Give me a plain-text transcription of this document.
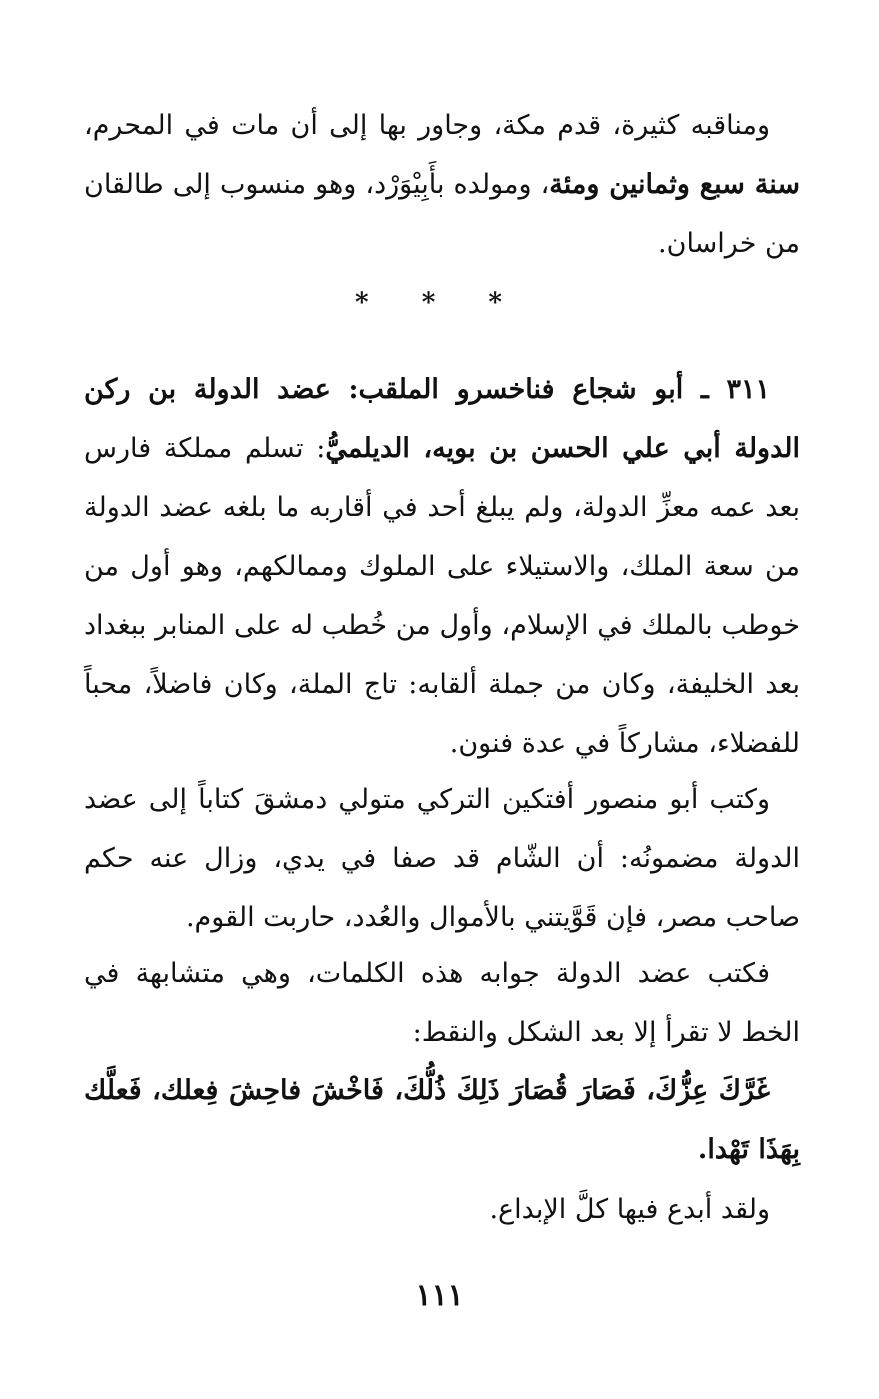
ومناقبه كثيرة، قدم مكة، وجاور بها إلى أن مات في المحرم، سنة سبع وثمانين ومئة، ومولده بأَبِيْوَرْد، وهو منسوب إلى طالقان من خراسان.

* * *

٣١١ ـ أبو شجاع فناخسرو الملقب: عضد الدولة بن ركن الدولة أبي علي الحسن بن بويه، الديلميُّ: تسلم مملكة فارس بعد عمه معزِّ الدولة، ولم يبلغ أحد في أقاربه ما بلغه عضد الدولة من سعة الملك، والاستيلاء على الملوك وممالكهم، وهو أول من خوطب بالملك في الإسلام، وأول من خُطب له على المنابر ببغداد بعد الخليفة، وكان من جملة ألقابه: تاج الملة، وكان فاضلاً، محباً للفضلاء، مشاركاً في عدة فنون.

وكتب أبو منصور أفتكين التركي متولي دمشقَ كتاباً إلى عضد الدولة مضمونُه: أن الشّام قد صفا في يدي، وزال عنه حكم صاحب مصر، فإن قَوَّيتني بالأموال والعُدد، حاربت القوم.

فكتب عضد الدولة جوابه هذه الكلمات، وهي متشابهة في الخط لا تقرأ إلا بعد الشكل والنقط:

غَرَّكَ عِزُّكَ، فَصَارَ قُصَارَ ذَلِكَ ذُلُّكَ، فَاخْشَ فاحِشَ فِعلك، فَعلَّك بِهَذَا تَهْدا.

ولقد أبدع فيها كلَّ الإبداع.

١١١
